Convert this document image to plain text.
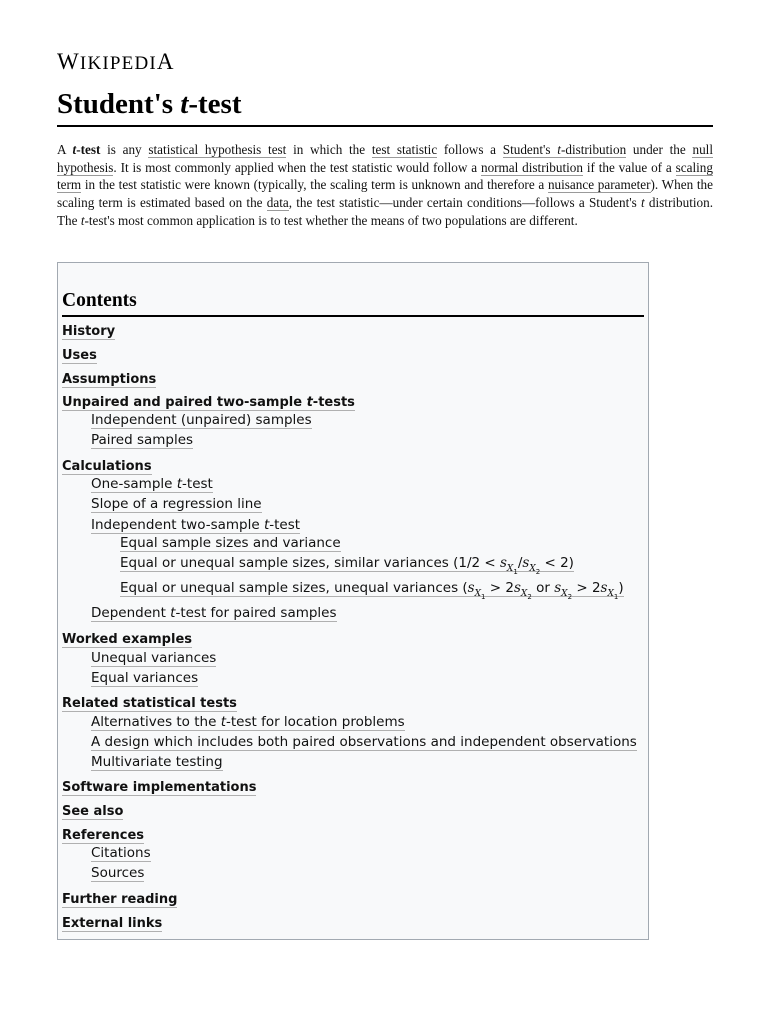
WIKIPEDIA
Student's t-test
A t-test is any statistical hypothesis test in which the test statistic follows a Student's t-distribution under the null hypothesis. It is most commonly applied when the test statistic would follow a normal distribution if the value of a scaling term in the test statistic were known (typically, the scaling term is unknown and therefore a nuisance parameter). When the scaling term is estimated based on the data, the test statistic—under certain conditions—follows a Student's t distribution. The t-test's most common application is to test whether the means of two populations are different.
Contents
History
Uses
Assumptions
Unpaired and paired two-sample t-tests
Independent (unpaired) samples
Paired samples
Calculations
One-sample t-test
Slope of a regression line
Independent two-sample t-test
Equal sample sizes and variance
Equal or unequal sample sizes, similar variances $(1/2 < s_{X_1}/s_{X_2} < 2)$
Equal or unequal sample sizes, unequal variances ($s_{X_1} > 2s_{X_2}$ or $s_{X_2} > 2s_{X_1}$)
Dependent t-test for paired samples
Worked examples
Unequal variances
Equal variances
Related statistical tests
Alternatives to the t-test for location problems
A design which includes both paired observations and independent observations
Multivariate testing
Software implementations
See also
References
Citations
Sources
Further reading
External links
